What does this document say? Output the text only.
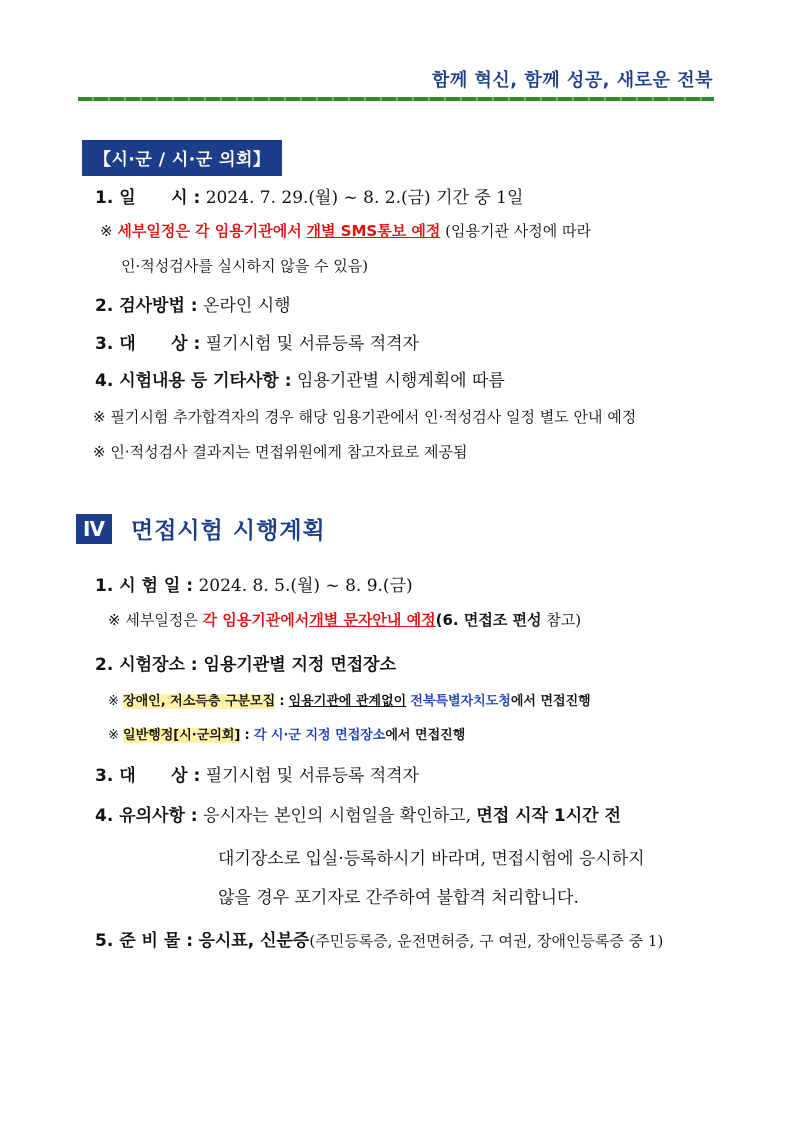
함께 혁신, 함께 성공, 새로운 전북
【시·군 / 시·군 의회】
1. 일      시 : 2024. 7. 29.(월) ~ 8. 2.(금) 기간 중 1일
※ 세부일정은 각 임용기관에서 개별 SMS통보 예정 (임용기관 사정에 따라
인·적성검사를 실시하지 않을 수 있음)
2. 검사방법 : 온라인 시행
3. 대      상 : 필기시험 및 서류등록 적격자
4. 시험내용 등 기타사항 : 임용기관별 시행계획에 따름
※ 필기시험 추가합격자의 경우 해당 임용기관에서 인·적성검사 일정 별도 안내 예정
※ 인·적성검사 결과지는 면접위원에게 참고자료로 제공됨
Ⅳ	면접시험 시행계획
1. 시 험 일 : 2024. 8. 5.(월) ~ 8. 9.(금)
※ 세부일정은 각 임용기관에서개별 문자안내 예정(6. 면접조 편성 참고)
2. 시험장소 : 임용기관별 지정 면접장소
※ 장애인, 저소득층 구분모집 : 임용기관에 관계없이 전북특별자치도청에서 면접진행
※ 일반행정[시·군의회] : 각 시·군 지정 면접장소에서 면접진행
3. 대      상 : 필기시험 및 서류등록 적격자
4. 유의사항 : 응시자는 본인의 시험일을 확인하고, 면접 시작 1시간 전
대기장소로 입실·등록하시기 바라며, 면접시험에 응시하지
않을 경우 포기자로 간주하여 불합격 처리합니다.
5. 준 비 물 : 응시표, 신분증(주민등록증, 운전면허증, 구 여권, 장애인등록증 중 1)
